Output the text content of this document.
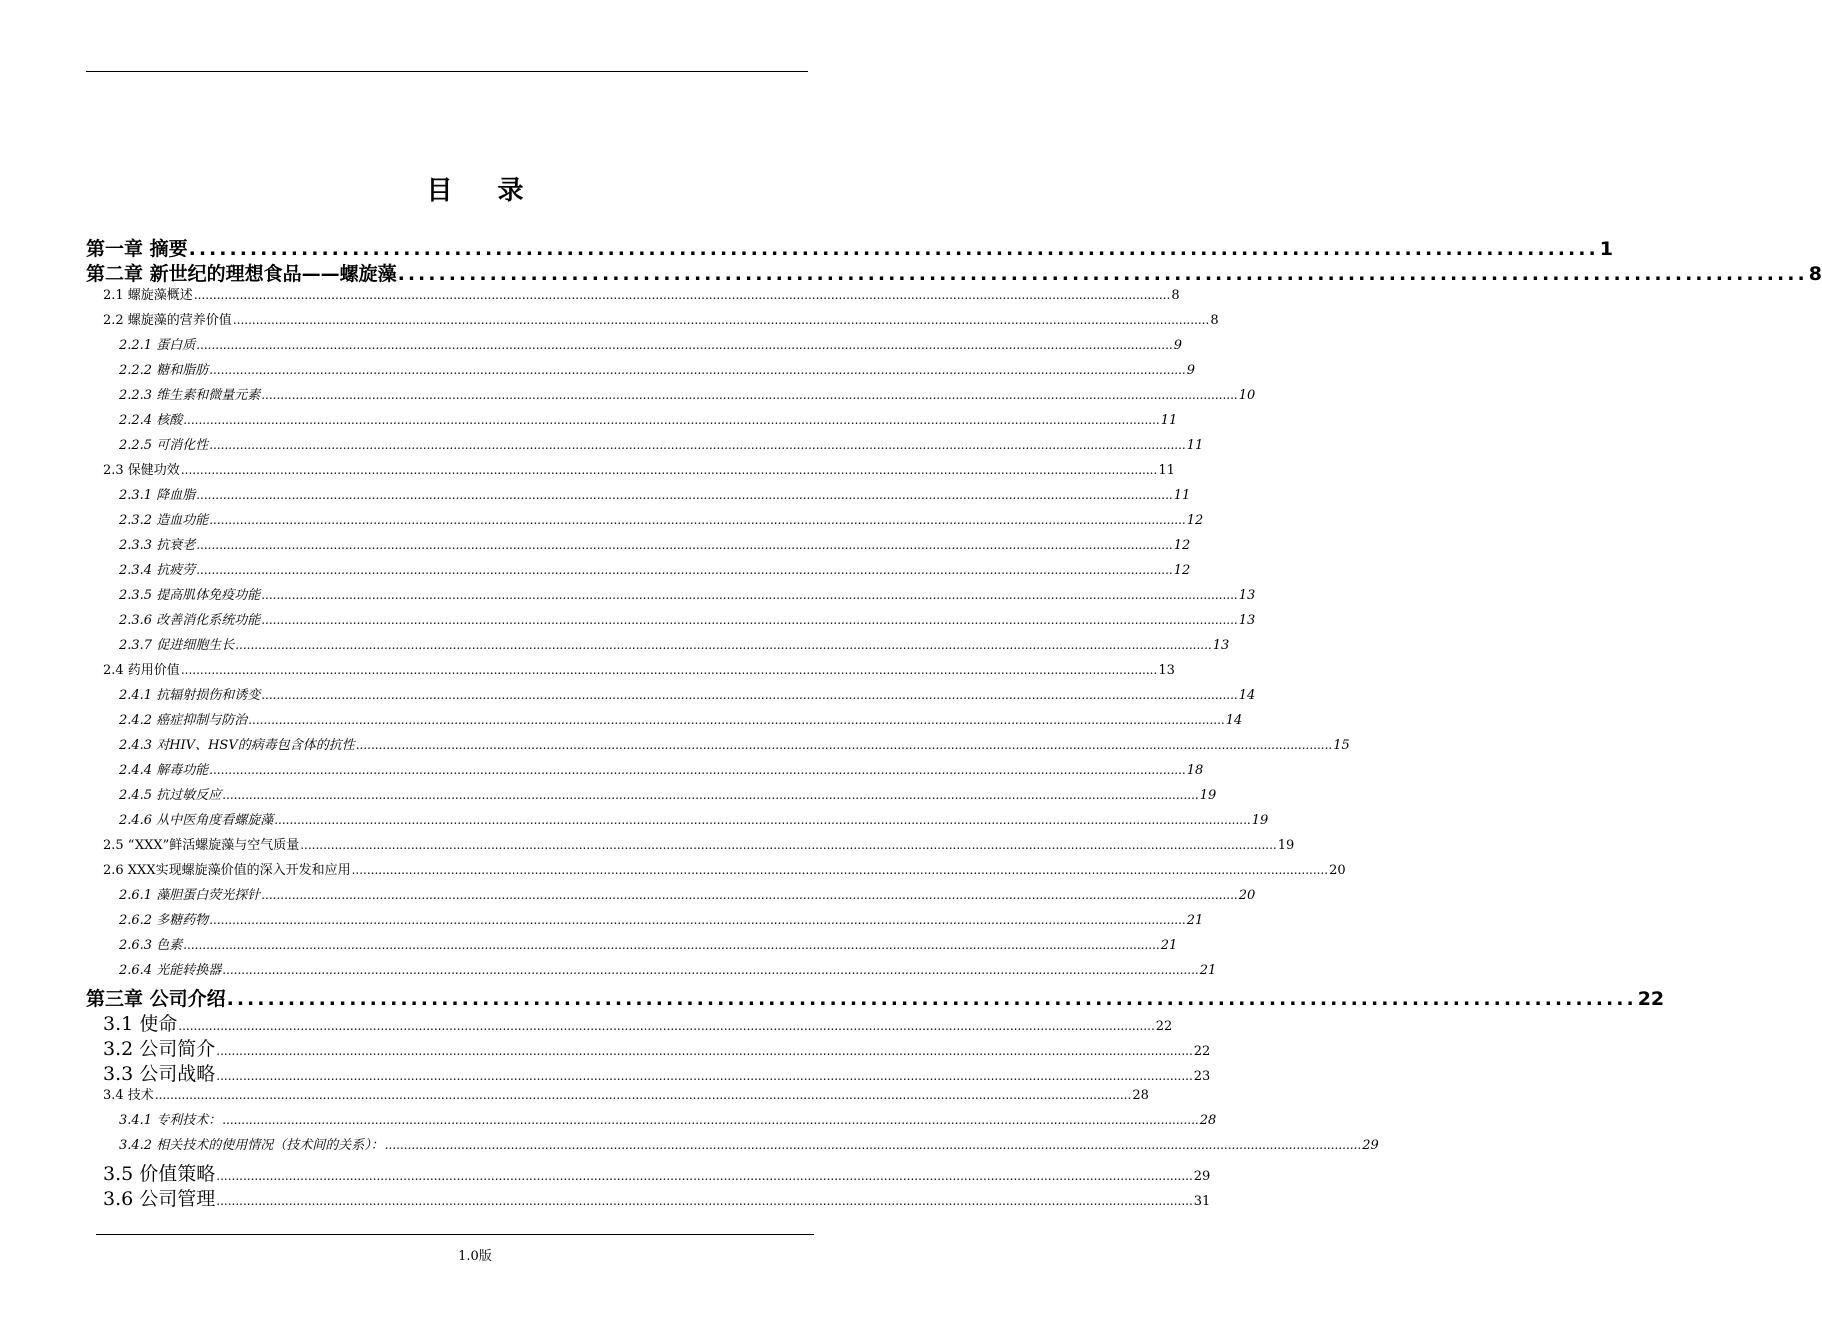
目 录
第一章 摘要 .......................................................................................................................................... 1
第二章 新世纪的理想食品——螺旋藻 .......................................................................................................................................... 8
2.1 螺旋藻概述 ................................................................................................................................................................................................................................................................ 8
2.2 螺旋藻的营养价值 ................................................................................................................................................................................................................................................................ 8
2.2.1 蛋白质 ................................................................................................................................................................................................................................................................ 9
2.2.2 糖和脂肪 ................................................................................................................................................................................................................................................................ 9
2.2.3 维生素和微量元素 ................................................................................................................................................................................................................................................................ 10
2.2.4 核酸 ................................................................................................................................................................................................................................................................ 11
2.2.5 可消化性 ................................................................................................................................................................................................................................................................ 11
2.3 保健功效 ................................................................................................................................................................................................................................................................ 11
2.3.1 降血脂 ................................................................................................................................................................................................................................................................ 11
2.3.2 造血功能 ................................................................................................................................................................................................................................................................ 12
2.3.3 抗衰老 ................................................................................................................................................................................................................................................................ 12
2.3.4 抗疲劳 ................................................................................................................................................................................................................................................................ 12
2.3.5 提高肌体免疫功能 ................................................................................................................................................................................................................................................................ 13
2.3.6 改善消化系统功能 ................................................................................................................................................................................................................................................................ 13
2.3.7 促进细胞生长 ................................................................................................................................................................................................................................................................ 13
2.4 药用价值 ................................................................................................................................................................................................................................................................ 13
2.4.1 抗辐射损伤和诱变 ................................................................................................................................................................................................................................................................ 14
2.4.2 癌症抑制与防治 ................................................................................................................................................................................................................................................................ 14
2.4.3 对HIV、HSV的病毒包含体的抗性 ................................................................................................................................................................................................................................................................ 15
2.4.4 解毒功能 ................................................................................................................................................................................................................................................................ 18
2.4.5 抗过敏反应 ................................................................................................................................................................................................................................................................ 19
2.4.6 从中医角度看螺旋藻 ................................................................................................................................................................................................................................................................ 19
2.5 “XXX”鲜活螺旋藻与空气质量 ................................................................................................................................................................................................................................................................ 19
2.6 XXX实现螺旋藻价值的深入开发和应用 ................................................................................................................................................................................................................................................................ 20
2.6.1 藻胆蛋白荧光探针 ................................................................................................................................................................................................................................................................ 20
2.6.2 多糖药物 ................................................................................................................................................................................................................................................................ 21
2.6.3 色素 ................................................................................................................................................................................................................................................................ 21
2.6.4 光能转换器 ................................................................................................................................................................................................................................................................ 21
第三章 公司介绍 .......................................................................................................................................... 22
3.1 使命 ................................................................................................................................................................................................................................................................ 22
3.2 公司简介 ................................................................................................................................................................................................................................................................ 22
3.3 公司战略 ................................................................................................................................................................................................................................................................ 23
3.4 技术 ................................................................................................................................................................................................................................................................ 28
3.4.1 专利技术： ................................................................................................................................................................................................................................................................ 28
3.4.2 相关技术的使用情况（技术间的关系）： ................................................................................................................................................................................................................................................................ 29
3.5 价值策略 ................................................................................................................................................................................................................................................................ 29
3.6 公司管理 ................................................................................................................................................................................................................................................................ 31
1.0版
